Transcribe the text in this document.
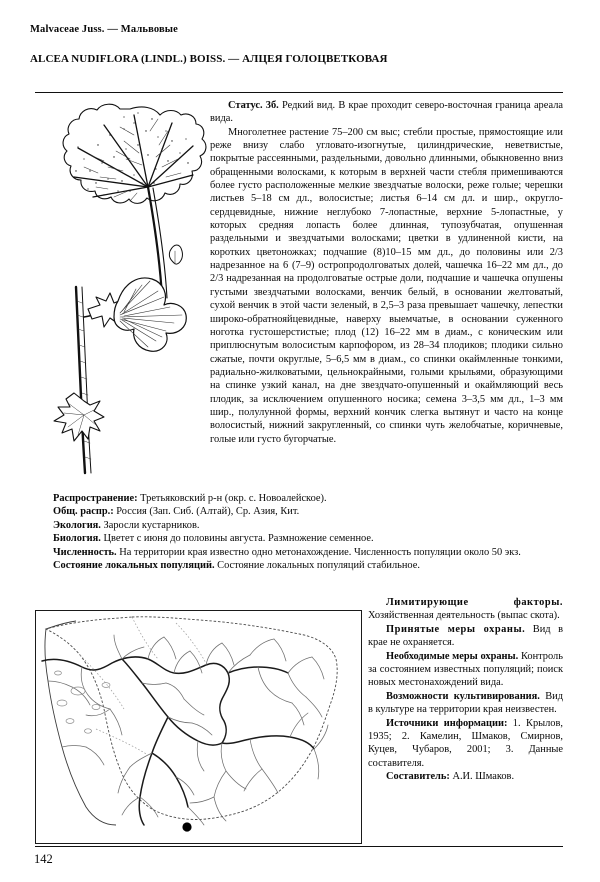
Malvaceae Juss. — Мальвовые
ALCEA NUDIFLORA (LINDL.) BOISS. — АЛЦЕЯ ГОЛОЦВЕТКОВАЯ

Статус. 3б. Редкий вид. В крае проходит северо-восточная граница ареала вида.

Многолетнее растение 75–200 см выс; стебли простые, прямостоящие или реже внизу слабо угловато-изогнутые, цилиндрические, неветвистые, покрытые рассеянными, раздельными, довольно длинными, обыкновенно вниз обращенными волосками, к которым в верхней части стебля примешиваются более густо расположенные мелкие звездчатые волоски, реже голые; черешки листьев 5–18 см дл., волосистые; листья 6–14 см дл. и шир., округло-сердцевидные, нижние неглубоко 7-лопастные, верхние 5-лопастные, у которых средняя лопасть более длинная, тупозубчатая, опушенная раздельными и звездчатыми волосками; цветки в удлиненной кисти, на коротких цветоножках; подчашие (8)10–15 мм дл., до половины или 2/3 надрезанное на 6 (7–9) остропродолговатых долей, чашечка 16–22 мм дл., до 2/3 надрезанная на продолговатые острые доли, подчашие и чашечка опушены густыми звездчатыми волосками, венчик белый, в основании желтоватый, сухой венчик в этой части зеленый, в 2,5–3 раза превышает чашечку, лепестки широко-обратнояйцевидные, наверху выемчатые, в основании суженного ноготка густошерстистые; плод (12) 16–22 мм в диам., с коническим или приплюснутым волосистым карпофором, из 28–34 плодиков; плодики сильно сжатые, почти округлые, 5–6,5 мм в диам., со спинки окаймленные тонкими, радиально-жилковатыми, цельнокрайными, голыми крыльями, образующими на спинке узкий канал, на дне звездчато-опушенный и окаймляющий весь плодик, за исключением опушенного носика; семена 3–3,5 мм дл., 1–3 мм шир., полулунной формы, верхний кончик слегка вытянут и часто на конце волосистый, нижний закругленный, со спинки чуть желобчатые, коричневые, голые или густо бугорчатые.

Распространение: Третьяковский р-н (окр. с. Новоалейское).

Общ. распр.: Россия (Зап. Сиб. (Алтай), Ср. Азия, Кит.

Экология. Заросли кустарников.

Биология. Цветет с июня до половины августа. Размножение семенное.

Численность. На территории края известно одно метонахождение. Численность популяции около 50 экз.

Состояние локальных популяций. Состояние локальных популяций стабильное.

Лимитирующие факторы. Хозяйственная деятельность (выпас скота).

Принятые меры охраны. Вид в крае не охраняется.

Необходимые меры охраны. Контроль за состоянием известных популяций; поиск новых местонахождений вида.

Возможности культивирования. Вид в культуре на территории края неизвестен.

Источники информации: 1. Крылов, 1935; 2. Камелин, Шмаков, Смирнов, Куцев, Чубаров, 2001; 3. Данные составителя.

Составитель: А.И. Шмаков.

142
